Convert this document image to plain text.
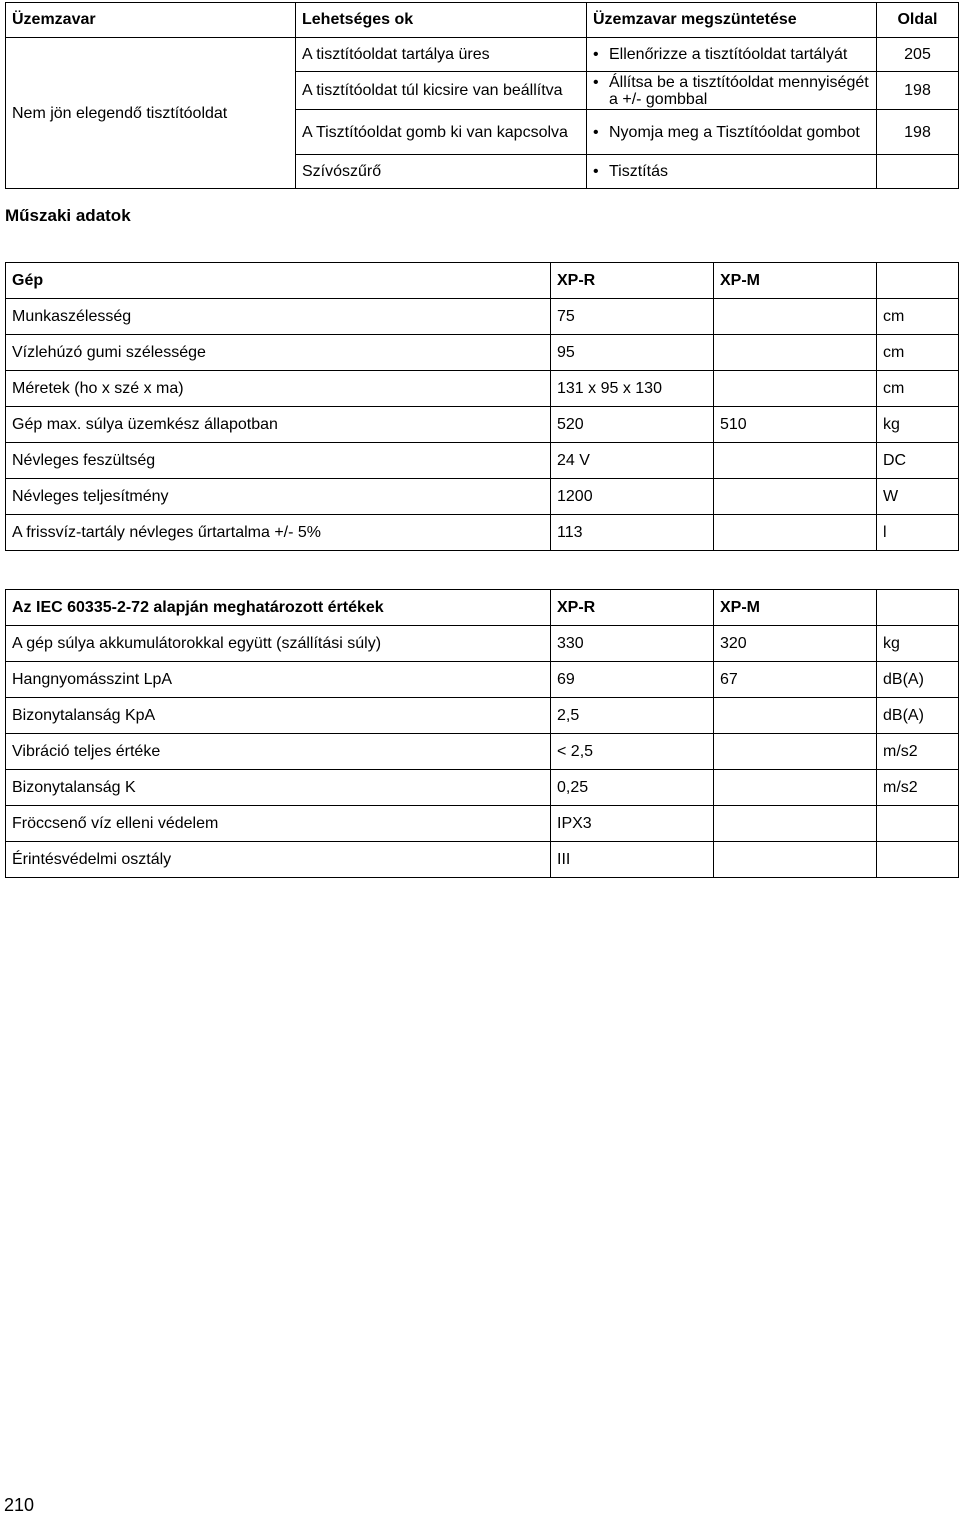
Üzemzavar	Lehetséges ok	Üzemzavar megszüntetése	Oldal
Nem jön elegendő tisztítóoldat	A tisztítóoldat tartálya üres	• Ellenőrizze a tisztítóoldat tartályát	205
	A tisztítóoldat túl kicsire van beállítva	• Állítsa be a tisztítóoldat mennyiségét a +/- gombbal	198
	A Tisztítóoldat gomb ki van kapcsolva	• Nyomja meg a Tisztítóoldat gombot	198
	Szívószűrő	• Tisztítás	

Műszaki adatok
Gép	XP-R	XP-M	
Munkaszélesség	75		cm
Vízlehúzó gumi szélessége	95		cm
Méretek (ho x szé x ma)	131 x 95 x 130		cm
Gép max. súlya üzemkész állapotban	520	510	kg
Névleges feszültség	24 V		DC
Névleges teljesítmény	1200		W
A frissvíz-tartály névleges űrtartalma +/- 5%	113		l
Az IEC 60335-2-72 alapján meghatározott értékek	XP-R	XP-M	
A gép súlya akkumulátorokkal együtt (szállítási súly)	330	320	kg
Hangnyomásszint LpA	69	67	dB(A)
Bizonytalanság KpA	2,5		dB(A)
Vibráció teljes értéke	< 2,5		m/s2
Bizonytalanság K	0,25		m/s2
Fröccsenő víz elleni védelem	IPX3		
Érintésvédelmi osztály	III		
210
